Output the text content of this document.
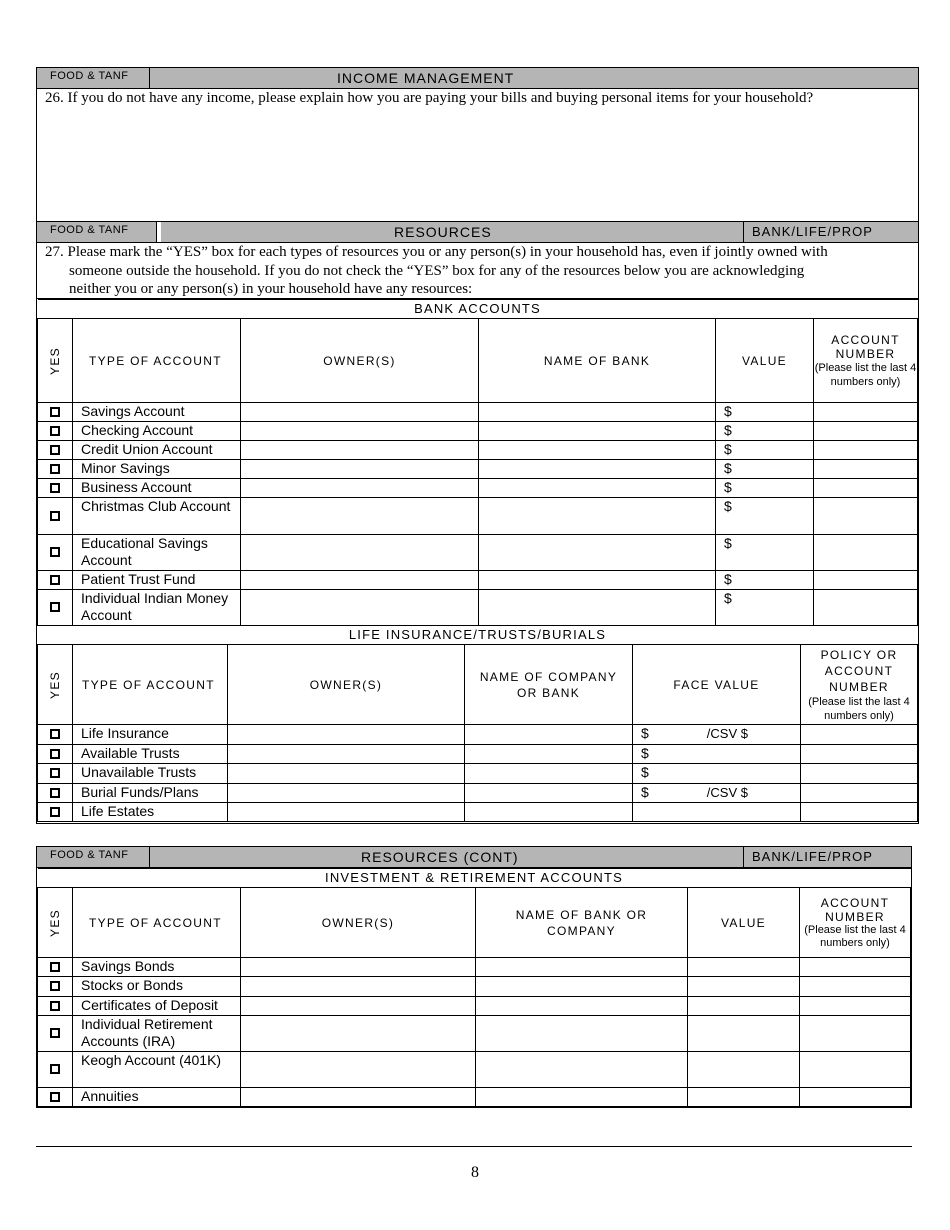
FOOD & TANF	INCOME MANAGEMENT
26. If you do not have any income, please explain how you are paying your bills and buying personal items for your household?
FOOD & TANF	RESOURCES	BANK/LIFE/PROP
27. Please mark the “YES” box for each types of resources you or any person(s) in your household has, even if jointly owned with
someone outside the household. If you do not check the “YES” box for any of the resources below you are acknowledging
neither you or any person(s) in your household have any resources:
BANK ACCOUNTS					
YES	TYPE OF ACCOUNT	OWNER(S)	NAME OF BANK	VALUE	ACCOUNT NUMBER
(Please list the last 4 numbers only)

	Savings Account			$	
	Checking Account			$	
	Credit Union Account			$	
	Minor Savings			$	
	Business Account			$	
	Christmas Club Account			$	
	Educational Savings Account			$	
	Patient Trust Fund			$	
	Individual Indian Money Account			$	
LIFE INSURANCE/TRUSTS/BURIALS					
YES	TYPE OF ACCOUNT	OWNER(S)	NAME OF COMPANY OR BANK	FACE VALUE	POLICY OR ACCOUNT NUMBER
(Please list the last 4 numbers only)

	Life Insurance			$ /CSV $	
	Available Trusts			$	
	Unavailable Trusts			$	
	Burial Funds/Plans			$ /CSV $	
	Life Estates				
FOOD & TANF	RESOURCES (CONT)	BANK/LIFE/PROP
INVESTMENT & RETIREMENT ACCOUNTS					
YES	TYPE OF ACCOUNT	OWNER(S)	NAME OF BANK OR COMPANY	VALUE	ACCOUNT NUMBER
(Please list the last 4 numbers only)

	Savings Bonds				
	Stocks or Bonds				
	Certificates of Deposit				
	Individual Retirement Accounts (IRA)				
	Keogh Account (401K)				
	Annuities				
8
